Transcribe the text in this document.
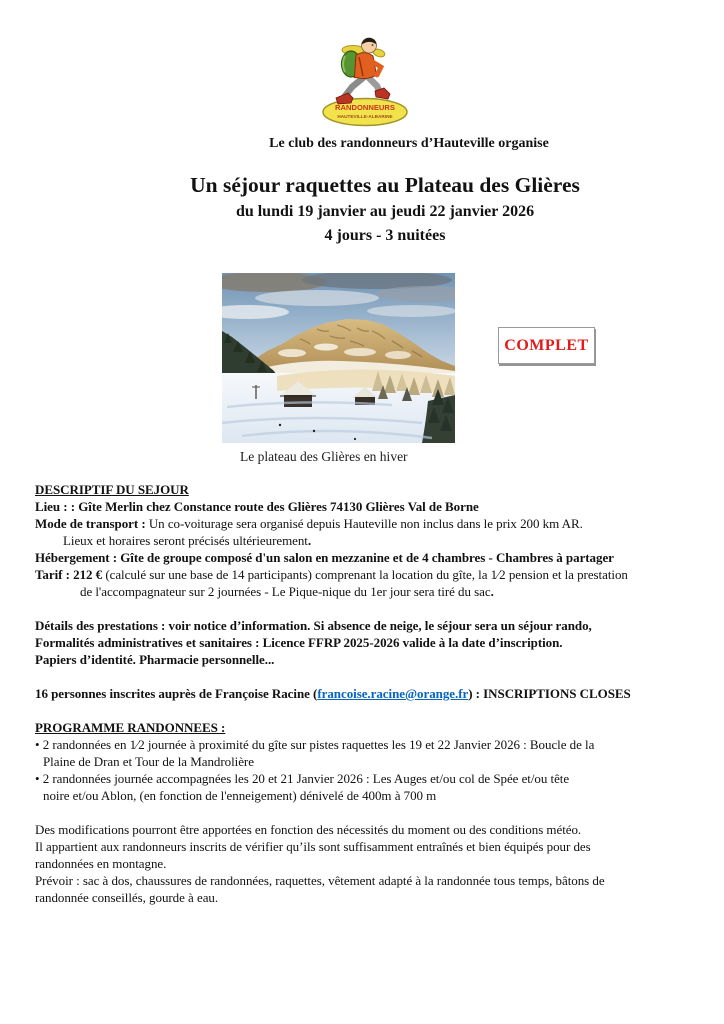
RANDONNEURS
HAUTEVILLE-ALBARINE
Le club des randonneurs d’Hauteville organise
Un séjour raquettes au Plateau des Glières
du lundi 19 janvier au jeudi 22 janvier 2026
4 jours - 3 nuitées
COMPLET
Le plateau des Glières en hiver
DESCRIPTIF DU SEJOUR
Lieu : : Gîte Merlin chez Constance route des Glières 74130 Glières Val de Borne
Mode de transport : Un co-voiturage sera organisé depuis Hauteville non inclus dans le prix 200 km AR.
Lieux et horaires seront précisés ultérieurement.
Hébergement : Gîte de groupe composé d'un salon en mezzanine et de 4 chambres - Chambres à partager
Tarif : 212 € (calculé sur une base de 14 participants) comprenant la location du gîte, la 1⁄2 pension et la prestation
de l'accompagnateur sur 2 journées - Le Pique-nique du 1er jour sera tiré du sac.
Détails des prestations : voir notice d’information. Si absence de neige, le séjour sera un séjour rando,
Formalités administratives et sanitaires : Licence FFRP 2025-2026 valide à la date d’inscription.
Papiers d’identité. Pharmacie personnelle...
16 personnes inscrites auprès de Françoise Racine (francoise.racine@orange.fr) : INSCRIPTIONS CLOSES
PROGRAMME RANDONNEES :
• 2 randonnées en 1⁄2 journée à proximité du gîte sur pistes raquettes les 19 et 22 Janvier 2026 : Boucle de la
Plaine de Dran et Tour de la Mandrolière
• 2 randonnées journée accompagnées les 20 et 21 Janvier 2026 : Les Auges et/ou col de Spée et/ou tête
noire et/ou Ablon, (en fonction de l'enneigement) dénivelé de 400m à 700 m
Des modifications pourront être apportées en fonction des nécessités du moment ou des conditions météo.
Il appartient aux randonneurs inscrits de vérifier qu’ils sont suffisamment entraînés et bien équipés pour des
randonnées en montagne.
Prévoir : sac à dos, chaussures de randonnées, raquettes, vêtement adapté à la randonnée tous temps, bâtons de
randonnée conseillés, gourde à eau.
